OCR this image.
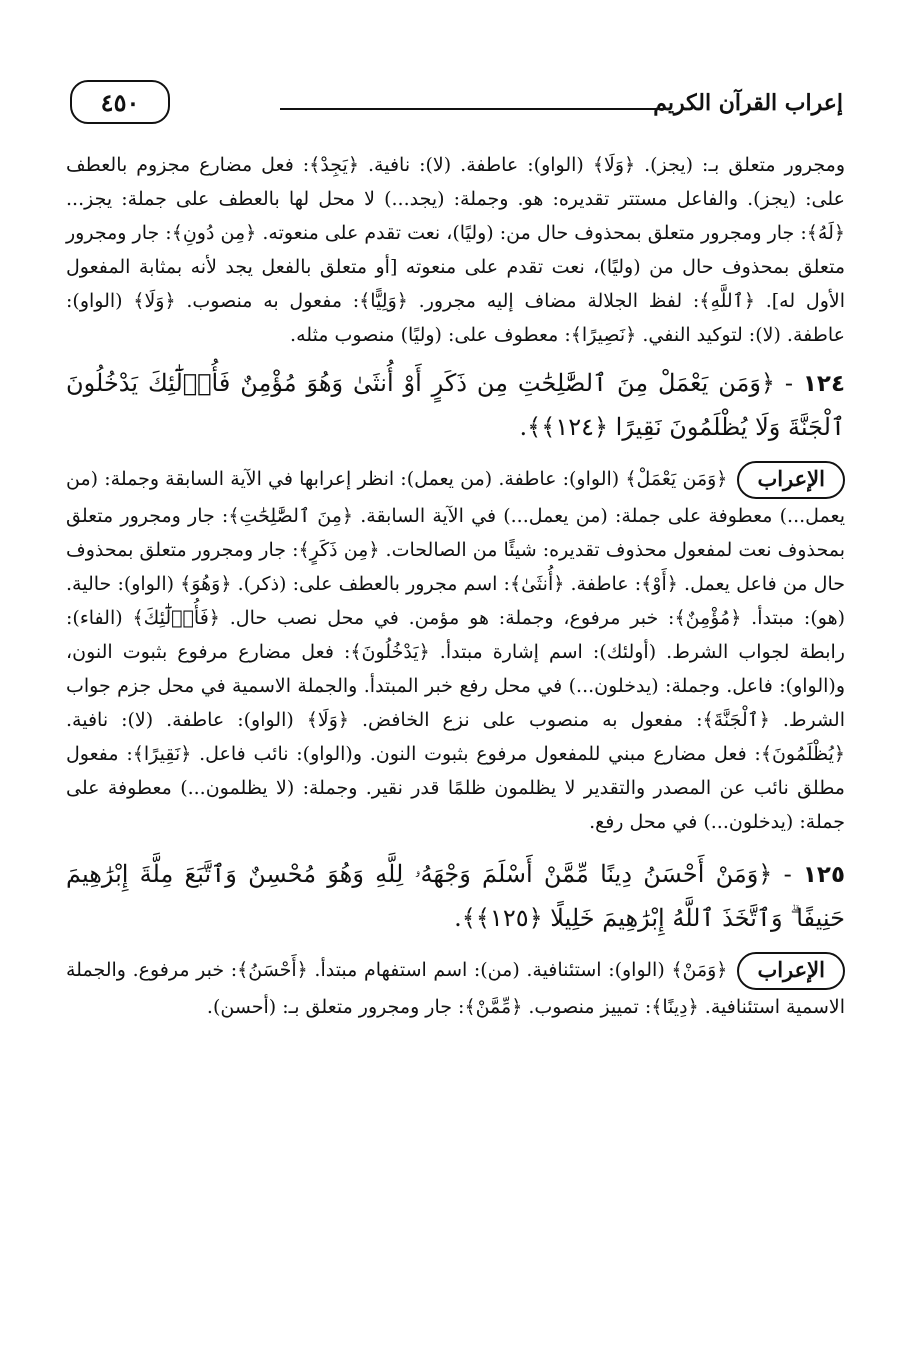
إعراب القرآن الكريم
٤٥٠

ومجرور متعلق بـ: (يجز). ﴿وَلَا﴾ (الواو): عاطفة. (لا): نافية. ﴿يَجِدْ﴾: فعل مضارع مجزوم بالعطف على: (يجز). والفاعل مستتر تقديره: هو. وجملة: (يجد...) لا محل لها بالعطف على جملة: يجز... ﴿لَهُ﴾: جار ومجرور متعلق بمحذوف حال من: (وليًا)، نعت تقدم على منعوته. ﴿مِن دُونِ﴾: جار ومجرور متعلق بمحذوف حال من (وليًا)، نعت تقدم على منعوته [أو متعلق بالفعل يجد لأنه بمثابة المفعول الأول له]. ﴿ٱللَّهِ﴾: لفظ الجلالة مضاف إليه مجرور. ﴿وَلِيًّا﴾: مفعول به منصوب. ﴿وَلَا﴾ (الواو): عاطفة. (لا): لتوكيد النفي. ﴿نَصِيرًا﴾: معطوف على: (وليًا) منصوب مثله.

١٢٤ - ﴿وَمَن يَعْمَلْ مِنَ ٱلصَّٰلِحَٰتِ مِن ذَكَرٍ أَوْ أُنثَىٰ وَهُوَ مُؤْمِنٌ فَأُو۟لَٰٓئِكَ يَدْخُلُونَ ٱلْجَنَّةَ وَلَا يُظْلَمُونَ نَقِيرًا ﴿١٢٤﴾﴾.

الإعراب﴿وَمَن يَعْمَلْ﴾ (الواو): عاطفة. (من يعمل): انظر إعرابها في الآية السابقة وجملة: (من يعمل...) معطوفة على جملة: (من يعمل...) في الآية السابقة. ﴿مِنَ ٱلصَّٰلِحَٰتِ﴾: جار ومجرور متعلق بمحذوف نعت لمفعول محذوف تقديره: شيئًا من الصالحات. ﴿مِن ذَكَرٍ﴾: جار ومجرور متعلق بمحذوف حال من فاعل يعمل. ﴿أَوْ﴾: عاطفة. ﴿أُنثَىٰ﴾: اسم مجرور بالعطف على: (ذكر). ﴿وَهُوَ﴾ (الواو): حالية. (هو): مبتدأ. ﴿مُؤْمِنٌ﴾: خبر مرفوع، وجملة: هو مؤمن. في محل نصب حال. ﴿فَأُو۟لَٰٓئِكَ﴾ (الفاء): رابطة لجواب الشرط. (أولئك): اسم إشارة مبتدأ. ﴿يَدْخُلُونَ﴾: فعل مضارع مرفوع بثبوت النون، و(الواو): فاعل. وجملة: (يدخلون...) في محل رفع خبر المبتدأ. والجملة الاسمية في محل جزم جواب الشرط. ﴿ٱلْجَنَّةَ﴾: مفعول به منصوب على نزع الخافض. ﴿وَلَا﴾ (الواو): عاطفة. (لا): نافية. ﴿يُظْلَمُونَ﴾: فعل مضارع مبني للمفعول مرفوع بثبوت النون. و(الواو): نائب فاعل. ﴿نَقِيرًا﴾: مفعول مطلق نائب عن المصدر والتقدير لا يظلمون ظلمًا قدر نقير. وجملة: (لا يظلمون...) معطوفة على جملة: (يدخلون...) في محل رفع.

١٢٥ - ﴿وَمَنْ أَحْسَنُ دِينًا مِّمَّنْ أَسْلَمَ وَجْهَهُۥ لِلَّهِ وَهُوَ مُحْسِنٌ وَٱتَّبَعَ مِلَّةَ إِبْرَٰهِيمَ حَنِيفًا ۗ وَٱتَّخَذَ ٱللَّهُ إِبْرَٰهِيمَ خَلِيلًا ﴿١٢٥﴾﴾.

الإعراب﴿وَمَنْ﴾ (الواو): استئنافية. (من): اسم استفهام مبتدأ. ﴿أَحْسَنُ﴾: خبر مرفوع. والجملة الاسمية استئنافية. ﴿دِينًا﴾: تمييز منصوب. ﴿مِّمَّنْ﴾: جار ومجرور متعلق بـ: (أحسن).
